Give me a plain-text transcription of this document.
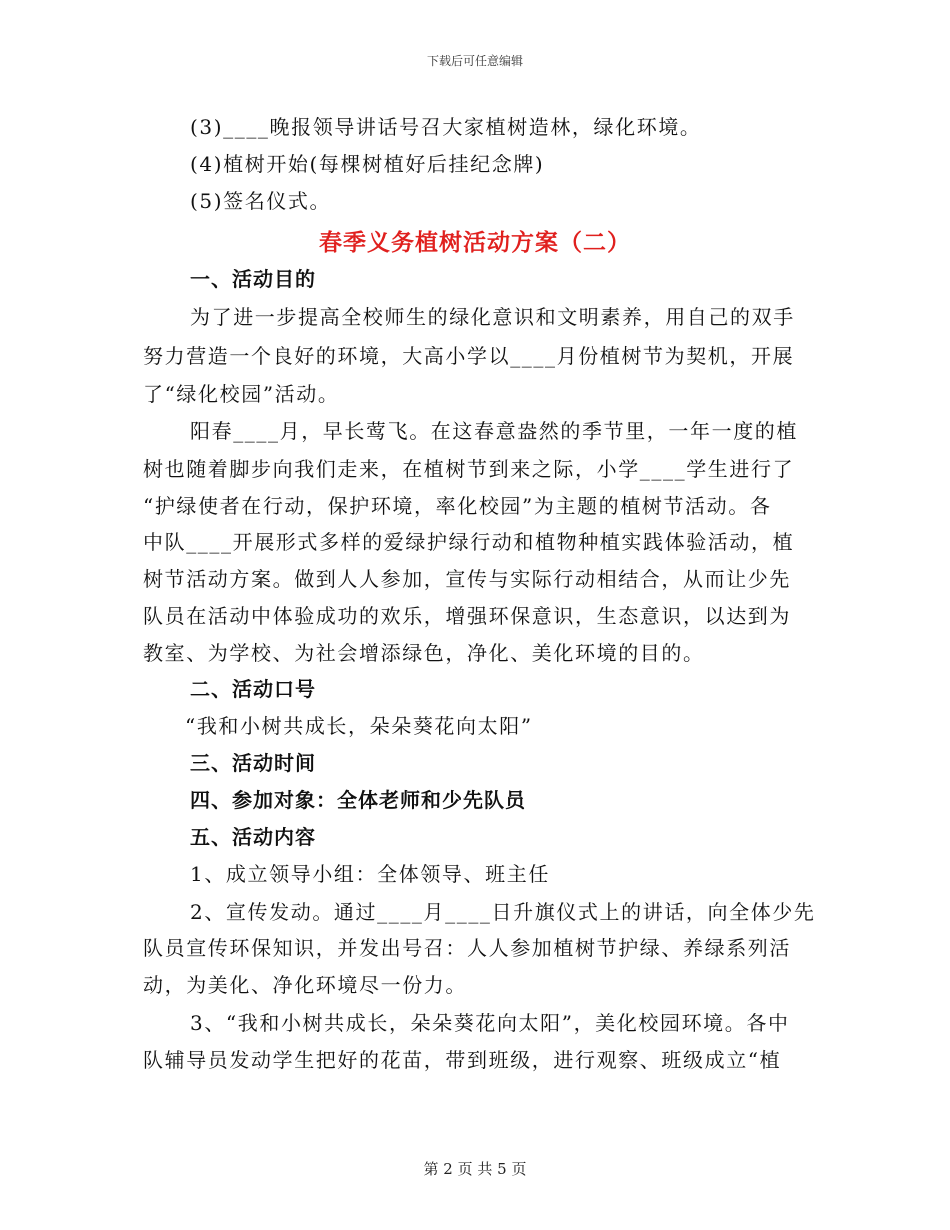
下载后可任意编辑
(3)____晚报领导讲话号召大家植树造林，绿化环境。
(4)植树开始(每棵树植好后挂纪念牌)
(5)签名仪式。
春季义务植树活动方案（二）
一、活动目的
为了进一步提高全校师生的绿化意识和文明素养，用自己的双手
努力营造一个良好的环境，大高小学以____月份植树节为契机，开展
了“绿化校园”活动。
阳春____月，早长莺飞。在这春意盎然的季节里，一年一度的植
树也随着脚步向我们走来，在植树节到来之际，小学____学生进行了
“护绿使者在行动，保护环境，率化校园”为主题的植树节活动。各
中队____开展形式多样的爱绿护绿行动和植物种植实践体验活动，植
树节活动方案。做到人人参加，宣传与实际行动相结合，从而让少先
队员在活动中体验成功的欢乐，增强环保意识，生态意识，以达到为
教室、为学校、为社会增添绿色，净化、美化环境的目的。
二、活动口号
“我和小树共成长，朵朵葵花向太阳”
三、活动时间
四、参加对象：全体老师和少先队员
五、活动内容
1、成立领导小组：全体领导、班主任
2、宣传发动。通过____月____日升旗仪式上的讲话，向全体少先
队员宣传环保知识，并发出号召：人人参加植树节护绿、养绿系列活
动，为美化、净化环境尽一份力。
3、“我和小树共成长，朵朵葵花向太阳”，美化校园环境。各中
队辅导员发动学生把好的花苗，带到班级，进行观察、班级成立“植
第 2 页 共 5 页
